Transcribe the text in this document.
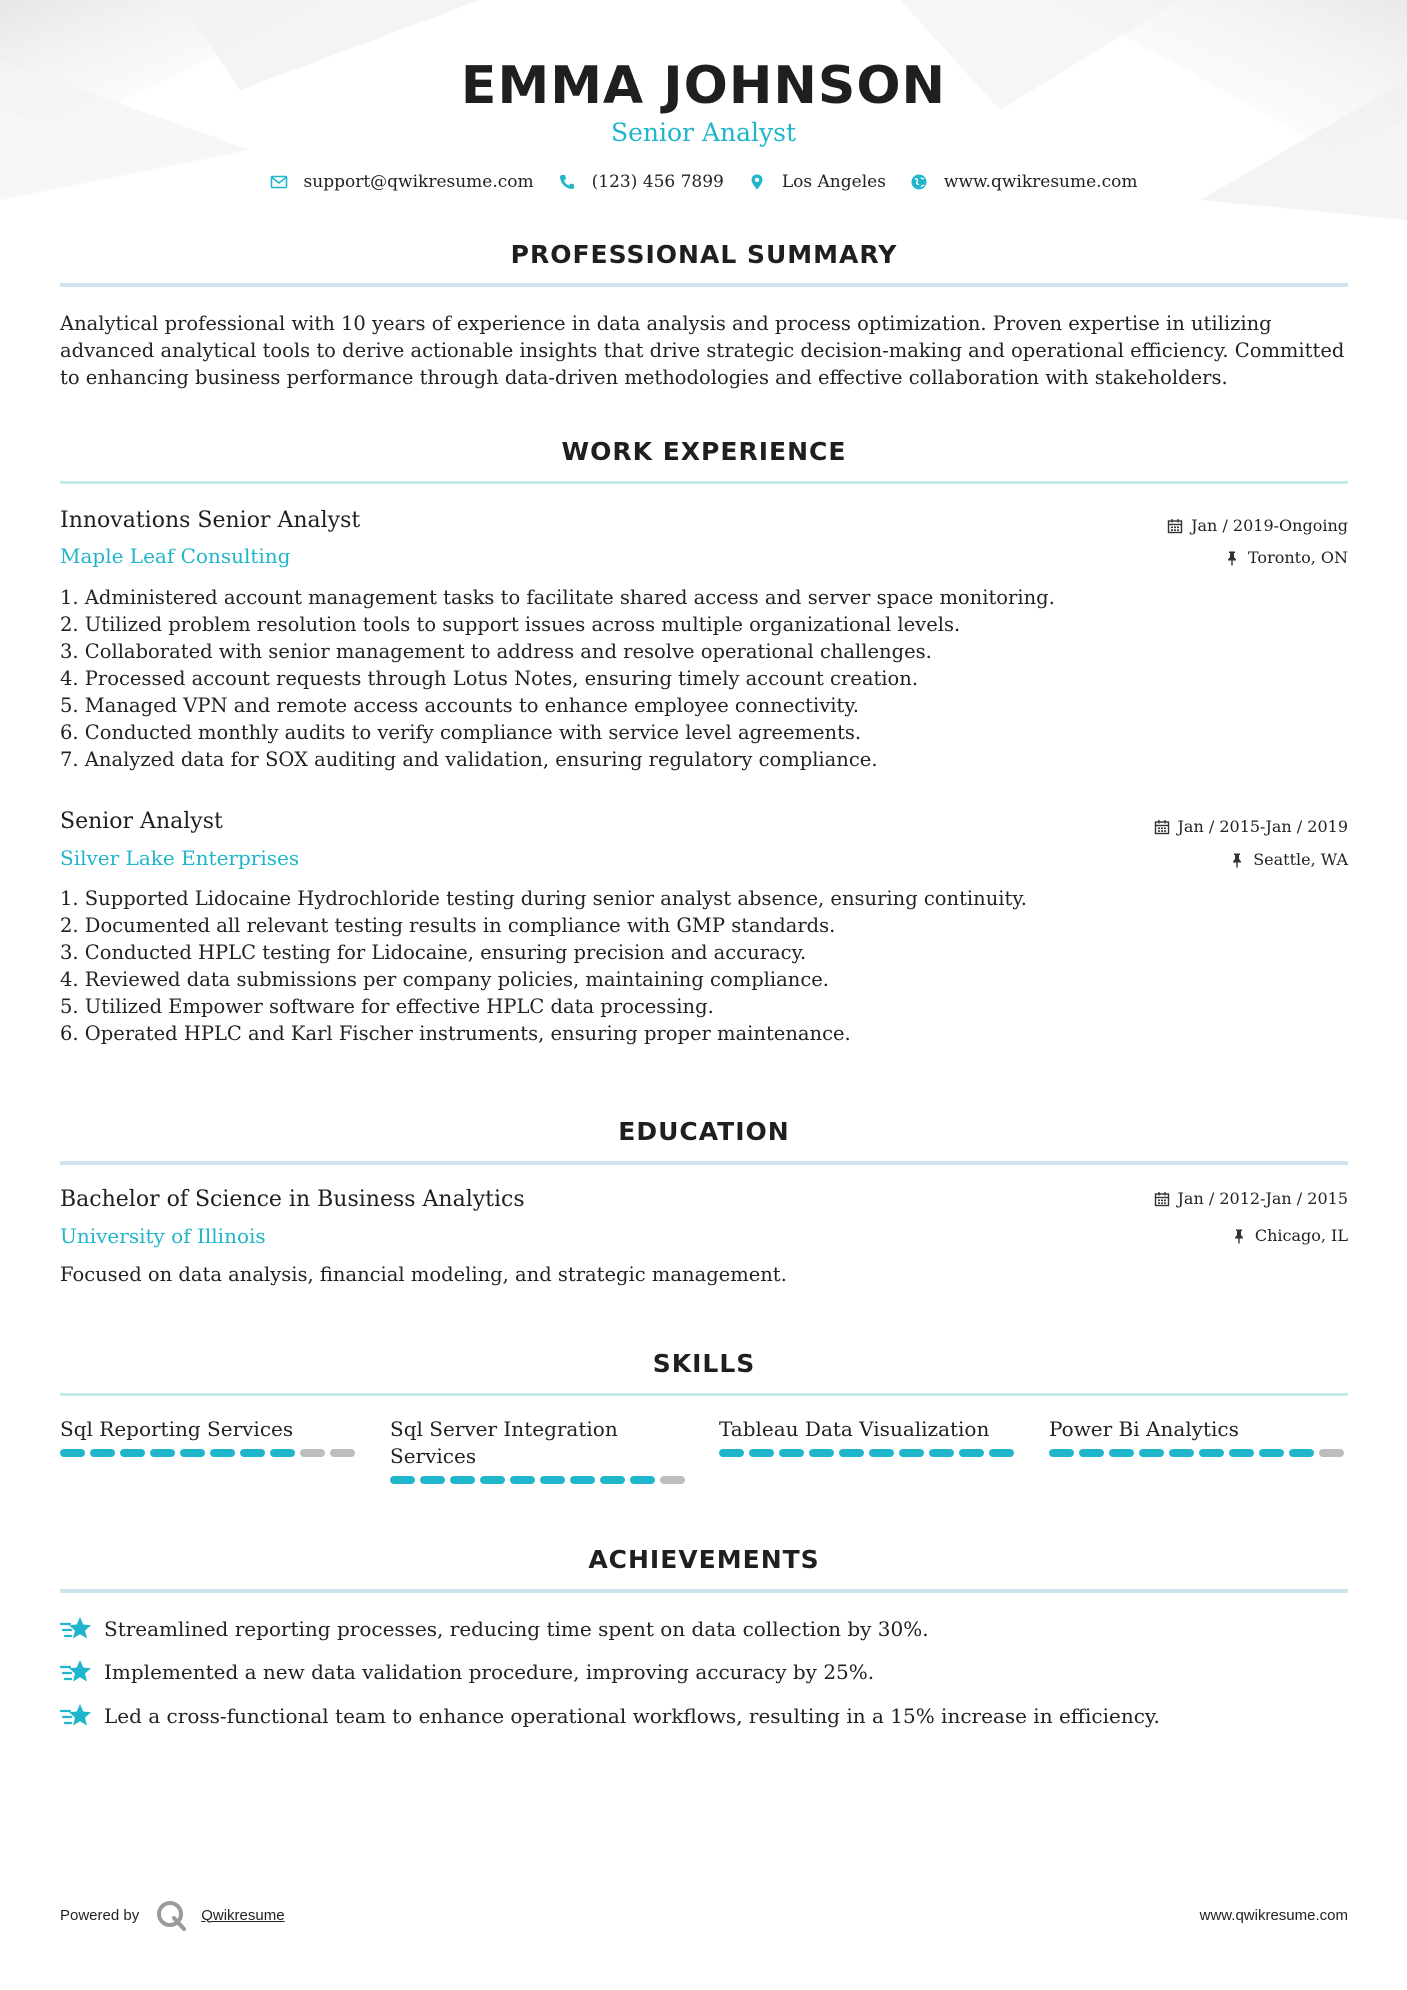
EMMA JOHNSON
Senior Analyst
support@qwikresume.com	(123) 456 7899	Los Angeles	www.qwikresume.com
PROFESSIONAL SUMMARY

Analytical professional with 10 years of experience in data analysis and process optimization. Proven expertise in utilizing advanced analytical tools to derive actionable insights that drive strategic decision-making and operational efficiency. Committed to enhancing business performance through data-driven methodologies and effective collaboration with stakeholders.

WORK EXPERIENCE
Innovations Senior Analyst
Maple Leaf Consulting
Jan / 2019-Ongoing
Toronto, ON
1. Administered account management tasks to facilitate shared access and server space monitoring.
2. Utilized problem resolution tools to support issues across multiple organizational levels.
3. Collaborated with senior management to address and resolve operational challenges.
4. Processed account requests through Lotus Notes, ensuring timely account creation.
5. Managed VPN and remote access accounts to enhance employee connectivity.
6. Conducted monthly audits to verify compliance with service level agreements.
7. Analyzed data for SOX auditing and validation, ensuring regulatory compliance.
Senior Analyst
Silver Lake Enterprises
Jan / 2015-Jan / 2019
Seattle, WA
1. Supported Lidocaine Hydrochloride testing during senior analyst absence, ensuring continuity.
2. Documented all relevant testing results in compliance with GMP standards.
3. Conducted HPLC testing for Lidocaine, ensuring precision and accuracy.
4. Reviewed data submissions per company policies, maintaining compliance.
5. Utilized Empower software for effective HPLC data processing.
6. Operated HPLC and Karl Fischer instruments, ensuring proper maintenance.
EDUCATION
Bachelor of Science in Business Analytics
University of Illinois
Jan / 2012-Jan / 2015
Chicago, IL

Focused on data analysis, financial modeling, and strategic management.

SKILLS
Sql Reporting Services	Sql Server Integration Services
Tableau Data Visualization	Power Bi Analytics
ACHIEVEMENTS
Streamlined reporting processes, reducing time spent on data collection by 30%.
Implemented a new data validation procedure, improving accuracy by 25%.
Led a cross-functional team to enhance operational workflows, resulting in a 15% increase in efficiency.
Powered by	Qwikresume	www.qwikresume.com
